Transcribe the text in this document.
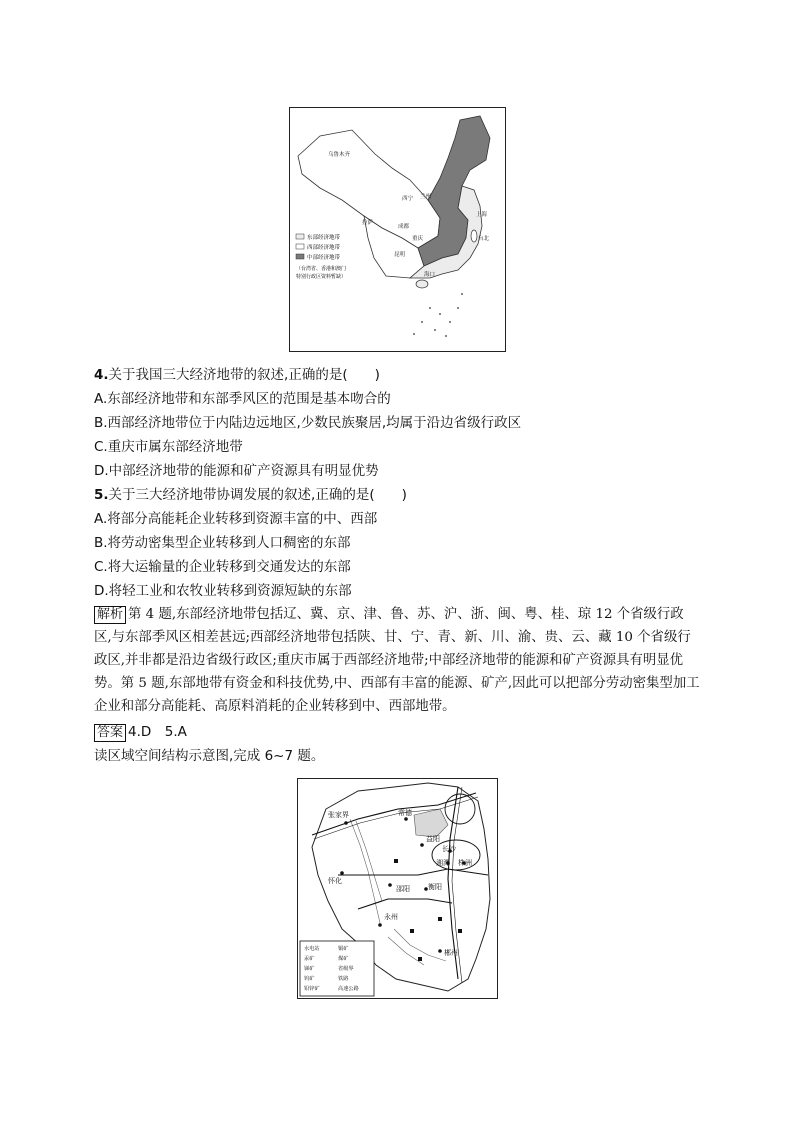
乌鲁木齐
西宁 兰州
拉萨
成都
重庆
昆明
上海
台北
海口
东部经济地带
西部经济地带
中部经济地带
（台湾省、香港和澳门
特别行政区资料暂缺）
4.关于我国三大经济地带的叙述,正确的是(　　)
A.东部经济地带和东部季风区的范围是基本吻合的
B.西部经济地带位于内陆边远地区,少数民族聚居,均属于沿边省级行政区
C.重庆市属东部经济地带
D.中部经济地带的能源和矿产资源具有明显优势
5.关于三大经济地带协调发展的叙述,正确的是(　　)
A.将部分高能耗企业转移到资源丰富的中、西部
B.将劳动密集型企业转移到人口稠密的东部
C.将大运输量的企业转移到交通发达的东部
D.将轻工业和农牧业转移到资源短缺的东部
解析 第 4 题,东部经济地带包括辽、冀、京、津、鲁、苏、沪、浙、闽、粤、桂、琼 12 个省级行政区,与东部季风区相差甚远;西部经济地带包括陕、甘、宁、青、新、川、渝、贵、云、藏 10 个省级行政区,并非都是沿边省级行政区;重庆市属于西部经济地带;中部经济地带的能源和矿产资源具有明显优势。第 5 题,东部地带有资金和科技优势,中、西部有丰富的能源、矿产,因此可以把部分劳动密集型加工企业和部分高能耗、高原料消耗的企业转移到中、西部地带。
答案 4.D　5.A
读区域空间结构示意图,完成 6~7 题。
常德
张家界
益阳
长沙
湘潭 株洲
怀化
邵阳	衡阳
永州
郴州
水电站
汞矿
锑矿
钨矿
铅锌矿
铜矿
煤矿
省级界
铁路
高速公路
